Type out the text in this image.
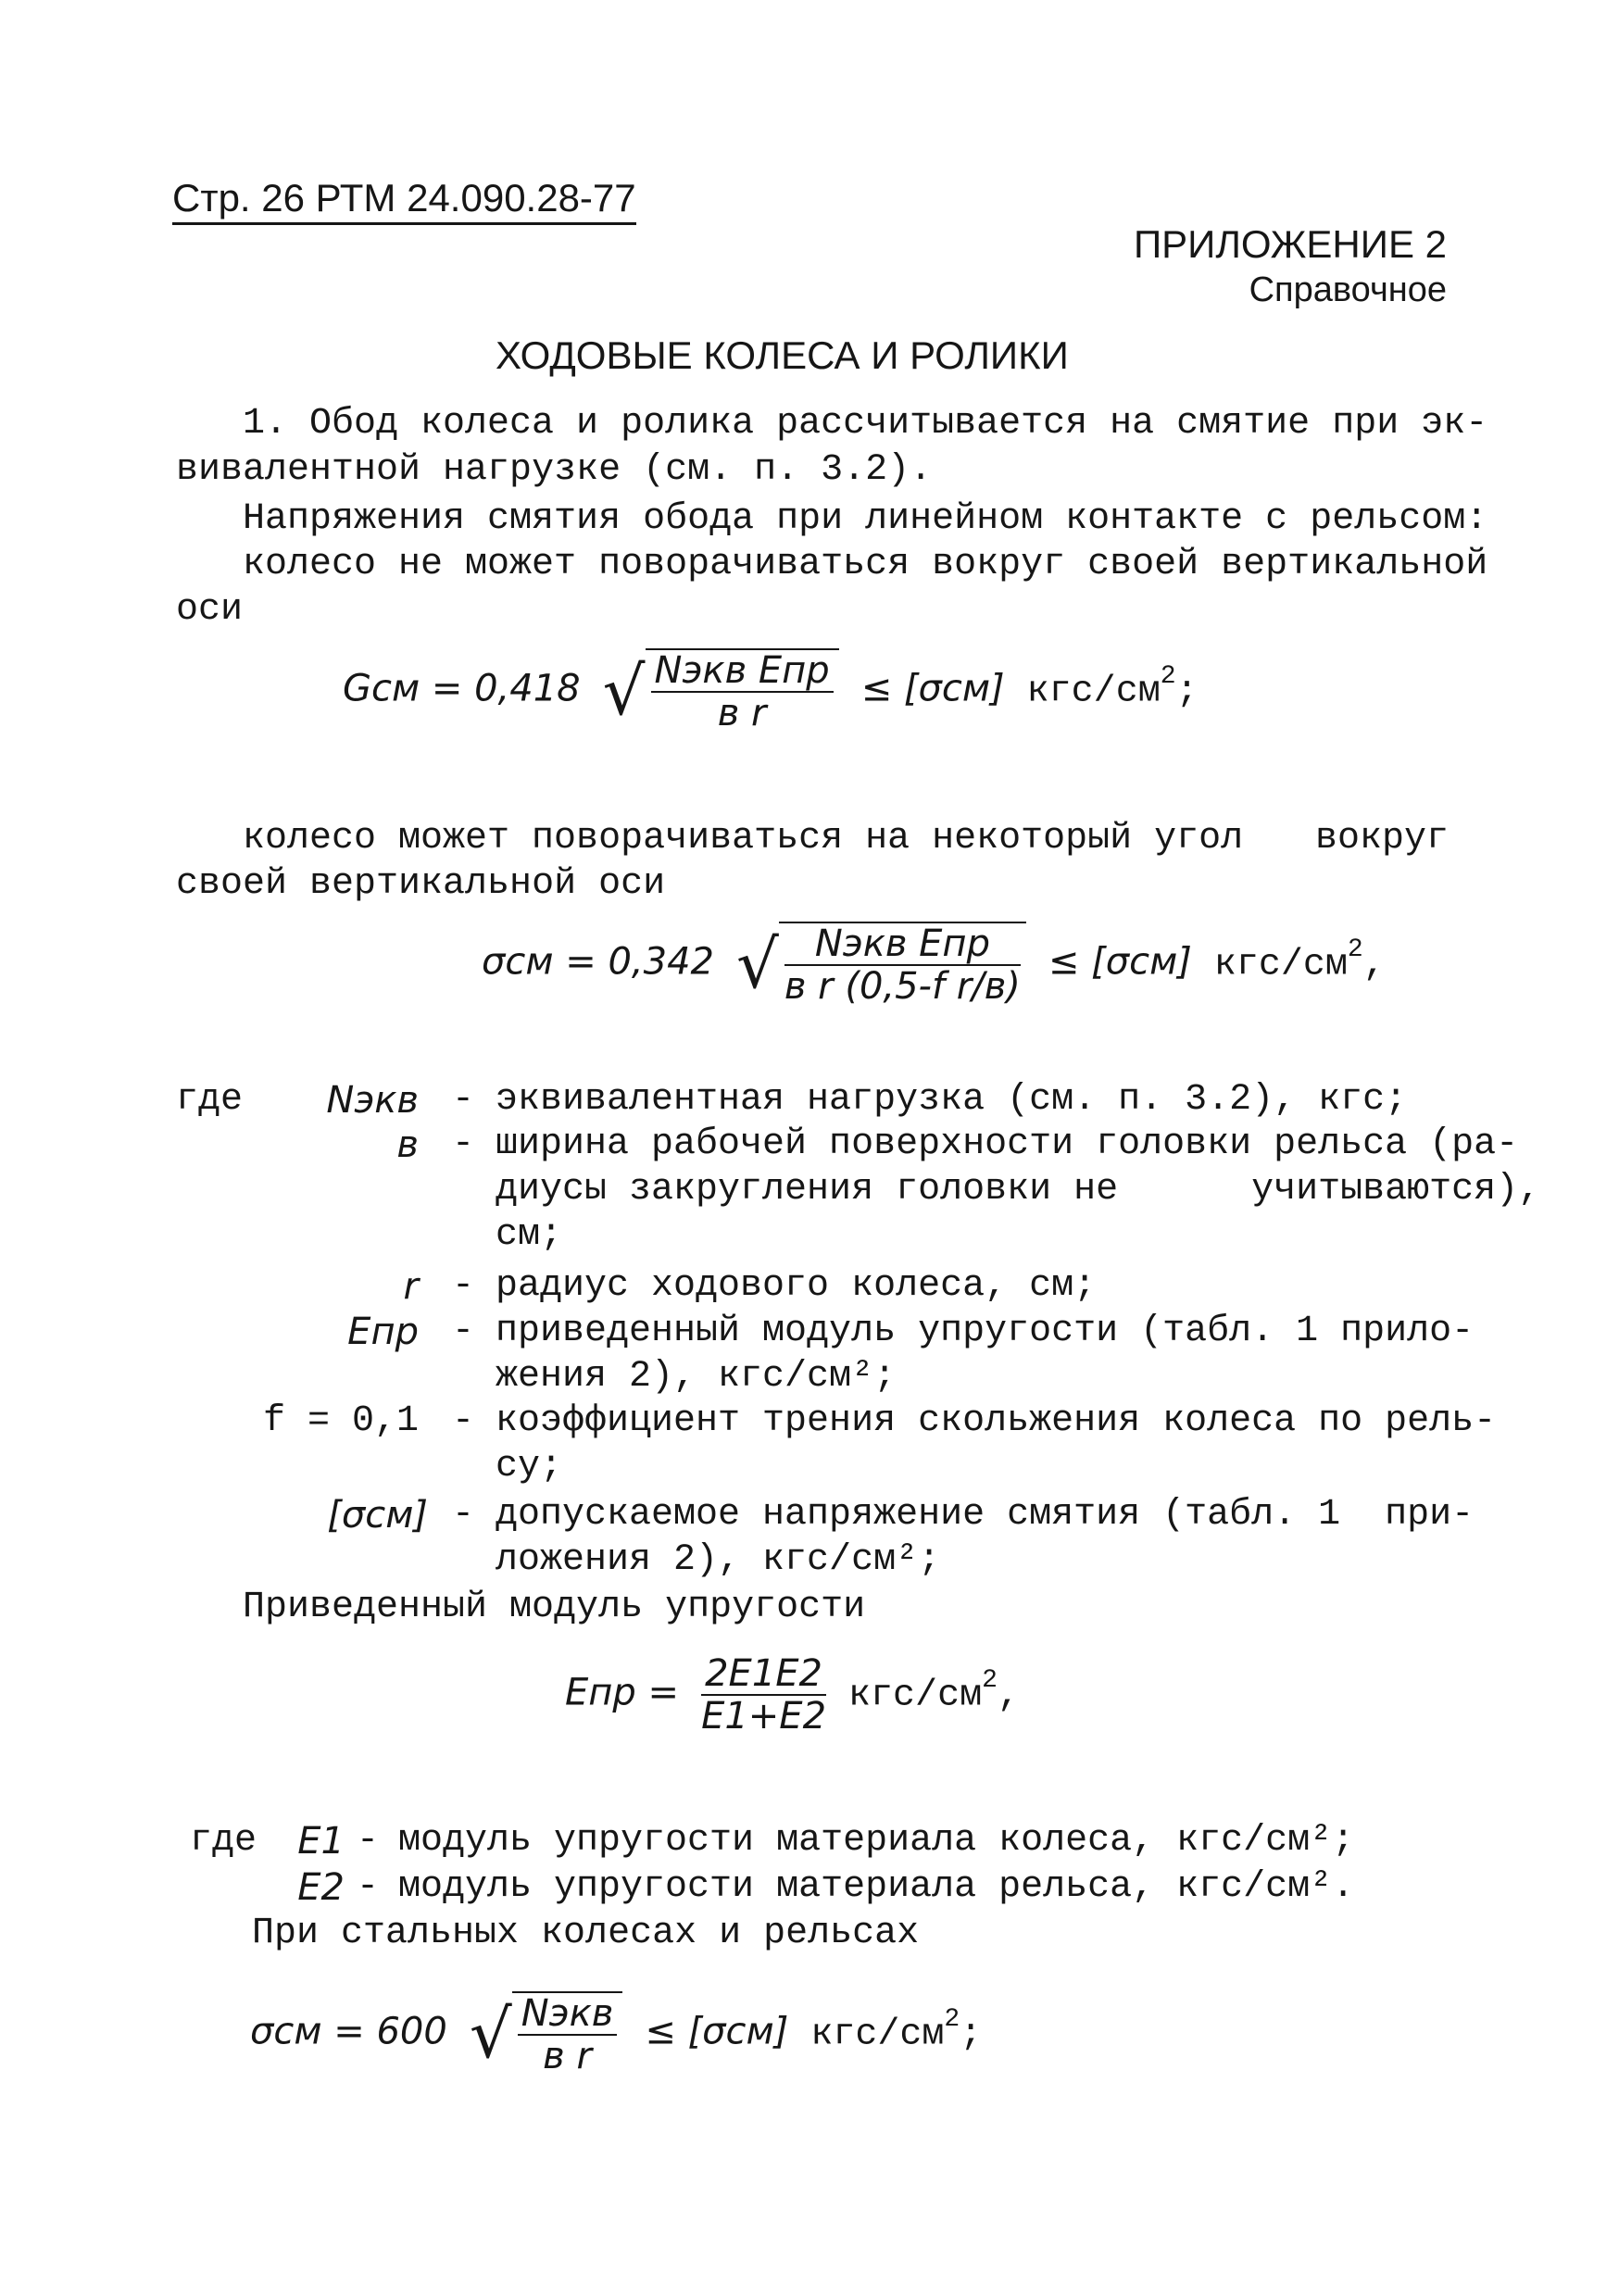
Стр. 26 РТМ 24.090.28-77
ПРИЛОЖЕНИЕ 2
Справочное
ХОДОВЫЕ КОЛЕСА И РОЛИКИ
1. Обод колеса и ролика рассчитывается на смятие при эк-
вивалентной нагрузке (см. п. 3.2).
Напряжения смятия обода при линейном контакте с рельсом:
колесо не может поворачиваться вокруг своей вертикальной
оси
Gсм = 0,418 √ $\frac{\text{Nэкв Eпр}}{\text{в r}} \le [\sigma см]$ кгс/$см^2$;
колесо может поворачиваться на некоторый угол вокруг
своей вертикальной оси
σсм = 0,342 √ $\frac{\text{Nэкв Eпр}}{\text{в r (0,5-f r/в)}} \le [\sigma см]$ кгс/$см^2$,
где	Nэкв - эквивалентная нагрузка (см. п. 3.2), кгс;
в - ширина рабочей поверхности головки рельса (ра-
диусы закругления головки не      учитываются),
см;
r - радиус ходового колеса, см;
Eпр - приведенный модуль упругости (табл. 1 прило-
жения 2), кгс/см²;
f = 0,1 - коэффициент трения скольжения колеса по рель-
су;
[σсм] - допускаемое напряжение смятия (табл. 1  при-
ложения 2), кгс/см²;
Приведенный модуль упругости
Eпр = $\frac{2E1E2}{E1+E2} кгс/см^2$,
где	E1 - модуль упругости материала колеса, кгс/см²;
E2 - модуль упругости материала рельса, кгс/см².
При стальных колесах и рельсах
σсм = 600 √ $\frac{\text{Nэкв}}{\text{в r}} \le [\sigma см]$ кгс/$см^2$;
